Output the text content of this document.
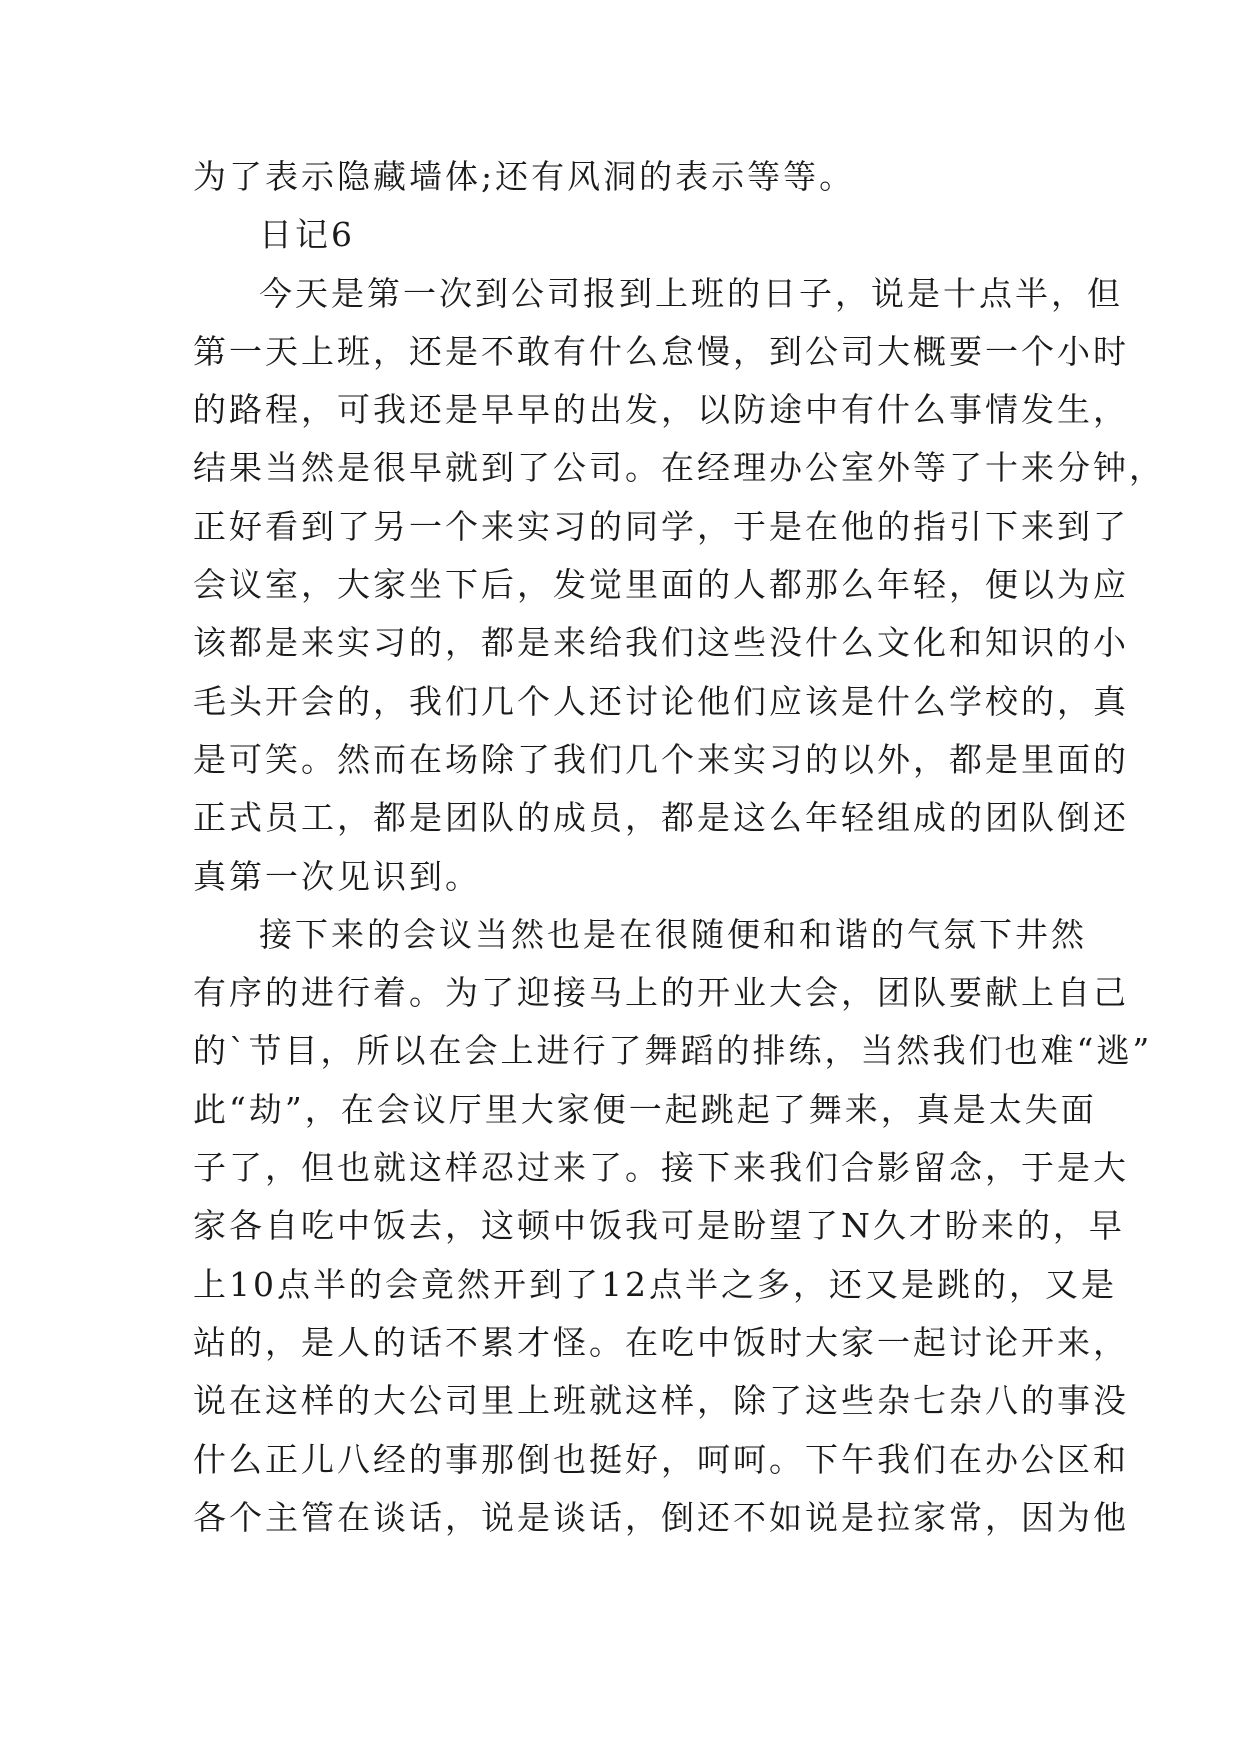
为了表示隐藏墙体;还有风洞的表示等等。
日记6
今天是第一次到公司报到上班的日子，说是十点半，但
第一天上班，还是不敢有什么怠慢，到公司大概要一个小时
的路程，可我还是早早的出发，以防途中有什么事情发生，
结果当然是很早就到了公司。在经理办公室外等了十来分钟，
正好看到了另一个来实习的同学，于是在他的指引下来到了
会议室，大家坐下后，发觉里面的人都那么年轻，便以为应
该都是来实习的，都是来给我们这些没什么文化和知识的小
毛头开会的，我们几个人还讨论他们应该是什么学校的，真
是可笑。然而在场除了我们几个来实习的以外，都是里面的
正式员工，都是团队的成员，都是这么年轻组成的团队倒还
真第一次见识到。
接下来的会议当然也是在很随便和和谐的气氛下井然
有序的进行着。为了迎接马上的开业大会，团队要献上自己
的`节目，所以在会上进行了舞蹈的排练，当然我们也难“逃”
此“劫”，在会议厅里大家便一起跳起了舞来，真是太失面
子了，但也就这样忍过来了。接下来我们合影留念，于是大
家各自吃中饭去，这顿中饭我可是盼望了N久才盼来的，早
上10点半的会竟然开到了12点半之多，还又是跳的，又是
站的，是人的话不累才怪。在吃中饭时大家一起讨论开来，
说在这样的大公司里上班就这样，除了这些杂七杂八的事没
什么正儿八经的事那倒也挺好，呵呵。下午我们在办公区和
各个主管在谈话，说是谈话，倒还不如说是拉家常，因为他
